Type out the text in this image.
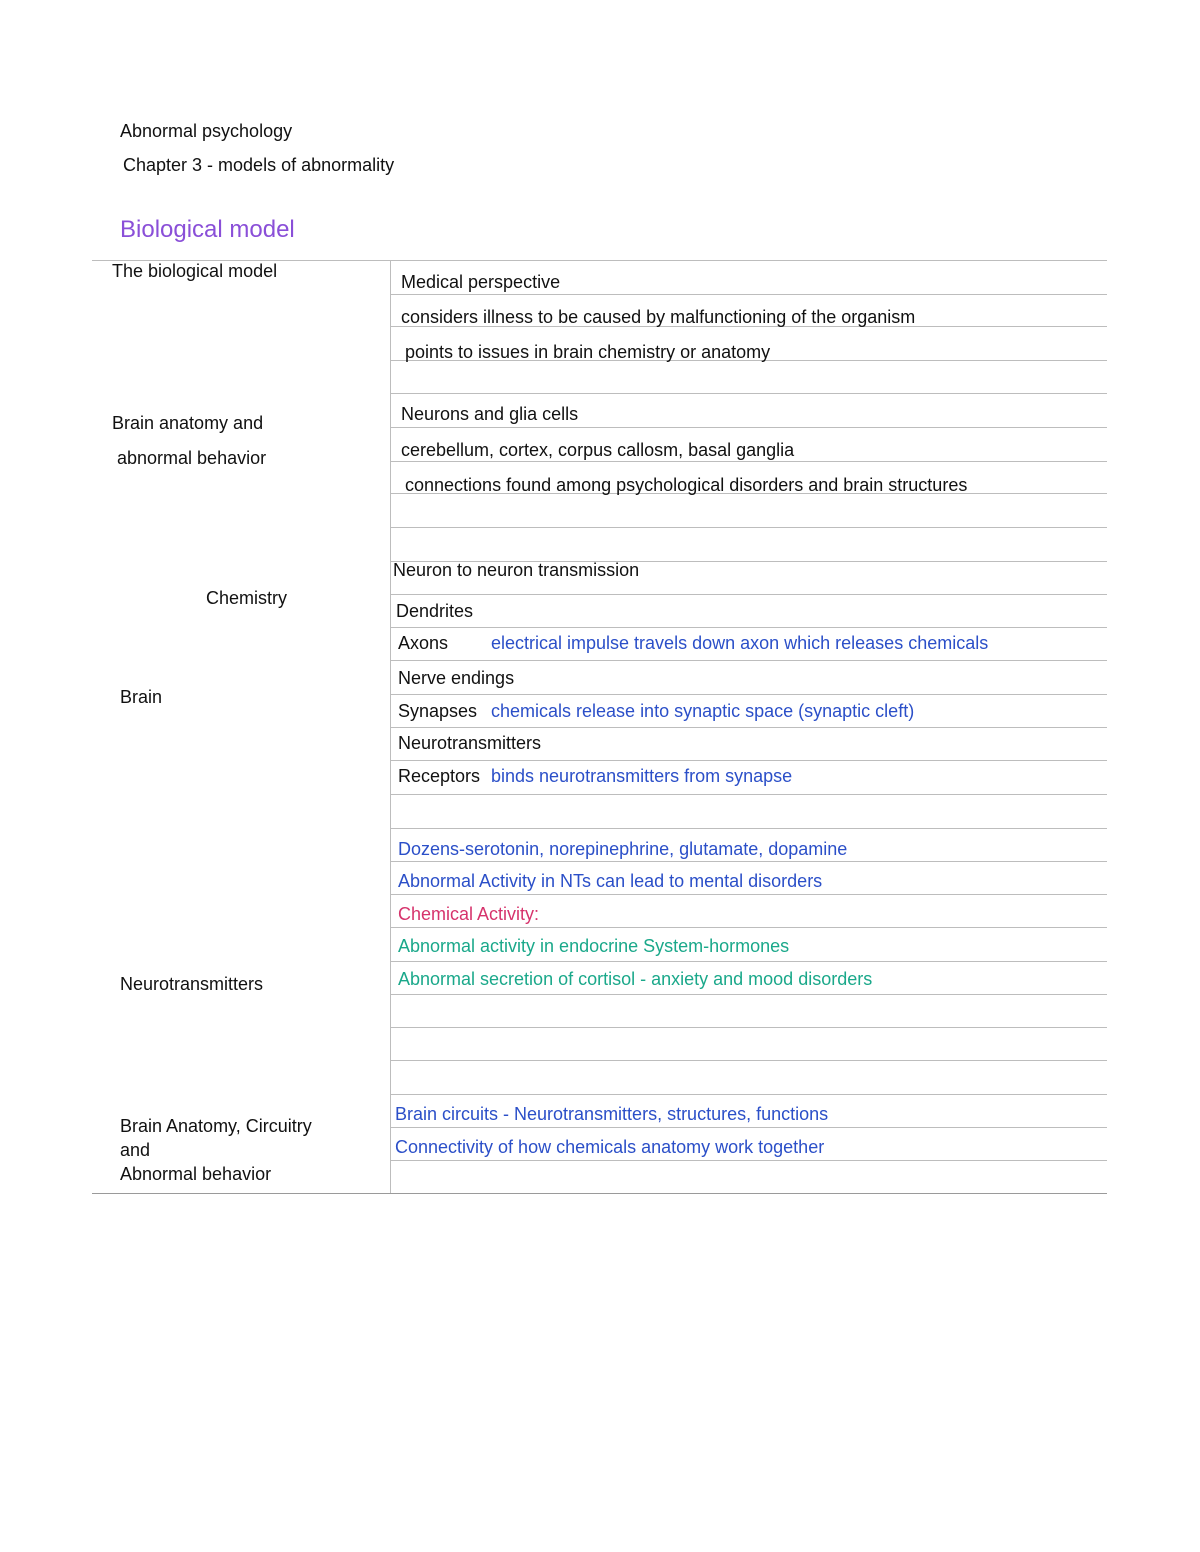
Abnormal psychology
Chapter 3 - models of abnormality
Biological model
The biological model
Brain anatomy and
abnormal behavior
Chemistry
Brain
Neurotransmitters
Brain Anatomy, Circuitry
and
Abnormal behavior
Medical perspective
considers illness to be caused by malfunctioning of the organism
points to issues in brain chemistry or anatomy
Neurons and glia cells
cerebellum, cortex, corpus callosm, basal ganglia
connections found among psychological disorders and brain structures
Neuron to neuron transmission
Dendrites
Axons electrical impulse travels down axon which releases chemicals
Nerve endings
Synapses chemicals release into synaptic space (synaptic cleft)
Neurotransmitters
Receptors binds neurotransmitters from synapse
Dozens-serotonin, norepinephrine, glutamate, dopamine
Abnormal Activity in NTs can lead to mental disorders
Chemical Activity:
Abnormal activity in endocrine System-hormones
Abnormal secretion of cortisol - anxiety and mood disorders
Brain circuits - Neurotransmitters, structures, functions
Connectivity of how chemicals anatomy work together
